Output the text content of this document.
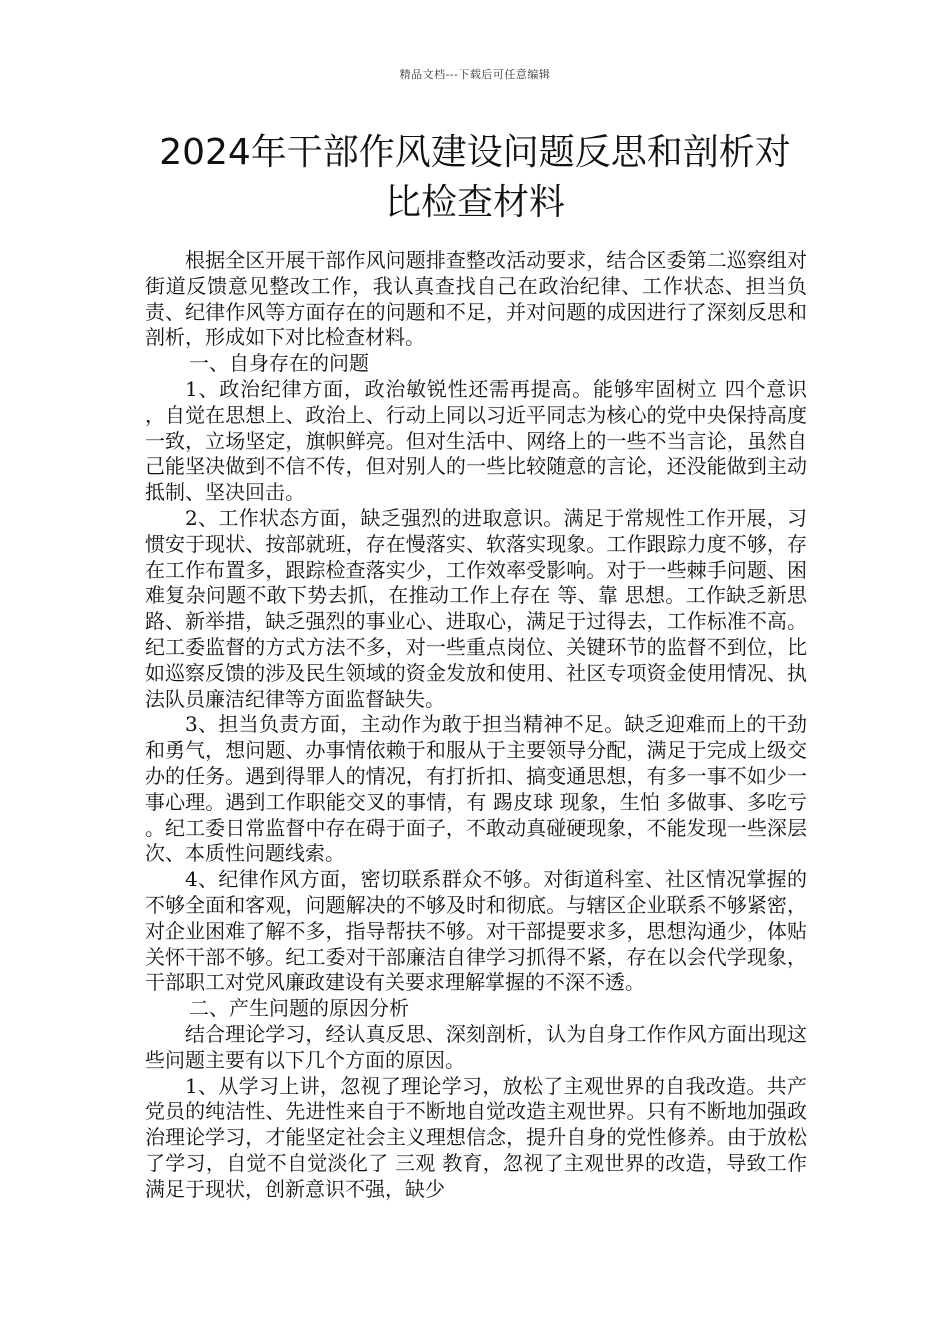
精品文档---下载后可任意编辑
2024年干部作风建设问题反思和剖析对
比检查材料

根据全区开展干部作风问题排查整改活动要求，结合区委第二巡察组对街道反馈意见整改工作，我认真查找自己在政治纪律、工作状态、担当负责、纪律作风等方面存在的问题和不足，并对问题的成因进行了深刻反思和剖析，形成如下对比检查材料。

一、自身存在的问题

1、政治纪律方面，政治敏锐性还需再提高。能够牢固树立 四个意识 ，自觉在思想上、政治上、行动上同以习近平同志为核心的党中央保持高度一致，立场坚定，旗帜鲜亮。但对生活中、网络上的一些不当言论，虽然自己能坚决做到不信不传，但对别人的一些比较随意的言论，还没能做到主动抵制、坚决回击。

2、工作状态方面，缺乏强烈的进取意识。满足于常规性工作开展，习惯安于现状、按部就班，存在慢落实、软落实现象。工作跟踪力度不够，存在工作布置多，跟踪检查落实少，工作效率受影响。对于一些棘手问题、困难复杂问题不敢下势去抓，在推动工作上存在 等、靠 思想。工作缺乏新思路、新举措，缺乏强烈的事业心、进取心，满足于过得去，工作标准不高。纪工委监督的方式方法不多，对一些重点岗位、关键环节的监督不到位，比如巡察反馈的涉及民生领域的资金发放和使用、社区专项资金使用情况、执法队员廉洁纪律等方面监督缺失。

3、担当负责方面，主动作为敢于担当精神不足。缺乏迎难而上的干劲和勇气，想问题、办事情依赖于和服从于主要领导分配，满足于完成上级交办的任务。遇到得罪人的情况，有打折扣、搞变通思想，有多一事不如少一事心理。遇到工作职能交叉的事情，有 踢皮球 现象，生怕 多做事、多吃亏 。纪工委日常监督中存在碍于面子，不敢动真碰硬现象，不能发现一些深层次、本质性问题线索。

4、纪律作风方面，密切联系群众不够。对街道科室、社区情况掌握的不够全面和客观，问题解决的不够及时和彻底。与辖区企业联系不够紧密，对企业困难了解不多，指导帮扶不够。对干部提要求多，思想沟通少，体贴关怀干部不够。纪工委对干部廉洁自律学习抓得不紧，存在以会代学现象，干部职工对党风廉政建设有关要求理解掌握的不深不透。

二、产生问题的原因分析

结合理论学习，经认真反思、深刻剖析，认为自身工作作风方面出现这些问题主要有以下几个方面的原因。

1、从学习上讲，忽视了理论学习，放松了主观世界的自我改造。共产党员的纯洁性、先进性来自于不断地自觉改造主观世界。只有不断地加强政治理论学习，才能坚定社会主义理想信念，提升自身的党性修养。由于放松了学习，自觉不自觉淡化了 三观 教育，忽视了主观世界的改造，导致工作满足于现状，创新意识不强，缺少
